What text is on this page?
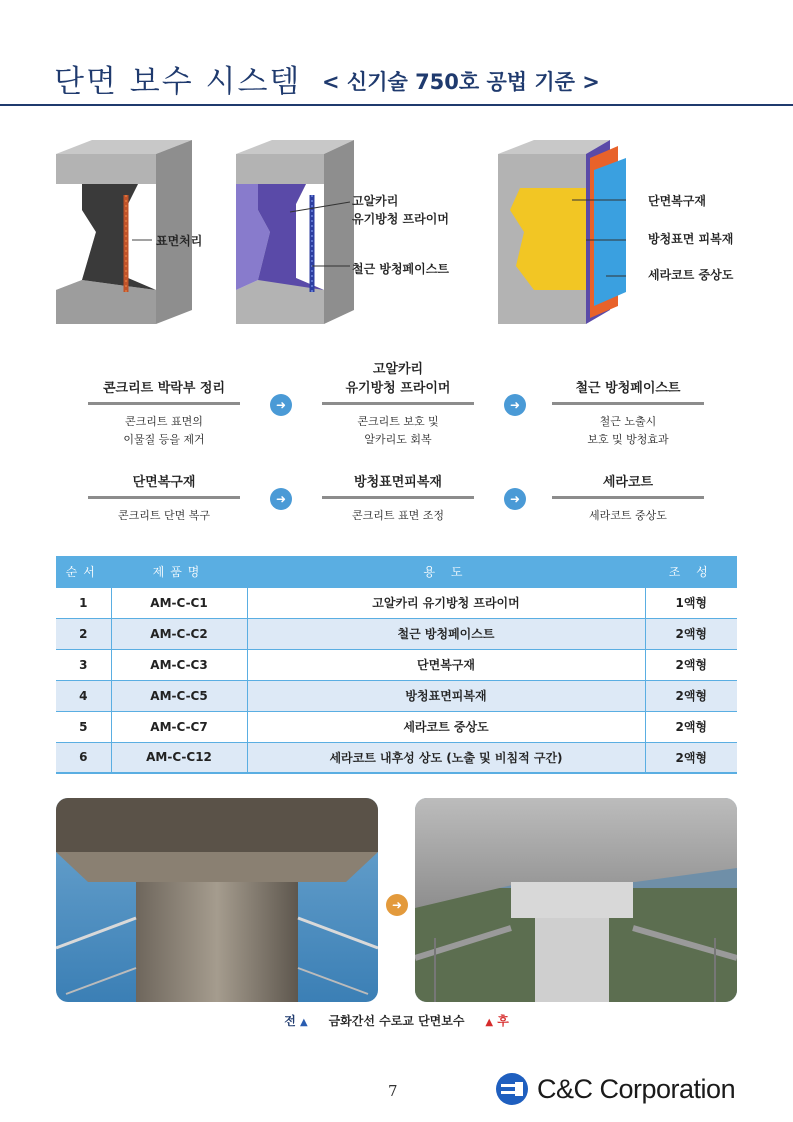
단면 보수 시스템 < 신기술 750호 공법 기준 >
표면처리
고알카리
유기방청 프라이머
철근 방청페이스트
단면복구재
방청표면 피복재
세라코트 중상도
콘크리트 박락부 정리
콘크리트 표면의
이물질 등을 제거
➜
고알카리
유기방청 프라이머
콘크리트 보호 및
알카리도 회복
➜
철근 방청페이스트
철근 노출시
보호 및 방청효과
단면복구재
콘크리트 단면 복구
➜
방청표면피복재
콘크리트 표면 조정
➜
세라코트
세라코트 중상도
순서	제품명	용 도	조 성
1	AM-C-C1	고알카리 유기방청 프라이머	1액형
2	AM-C-C2	철근 방청페이스트	2액형
3	AM-C-C3	단면복구재	2액형
4	AM-C-C5	방청표면피복재	2액형
5	AM-C-C7	세라코트 중상도	2액형
6	AM-C-C12	세라코트 내후성 상도 (노출 및 비침적 구간)	2액형
➜
전 ▲ 금화간선 수로교 단면보수 ▲ 후
7	C&C Corporation
